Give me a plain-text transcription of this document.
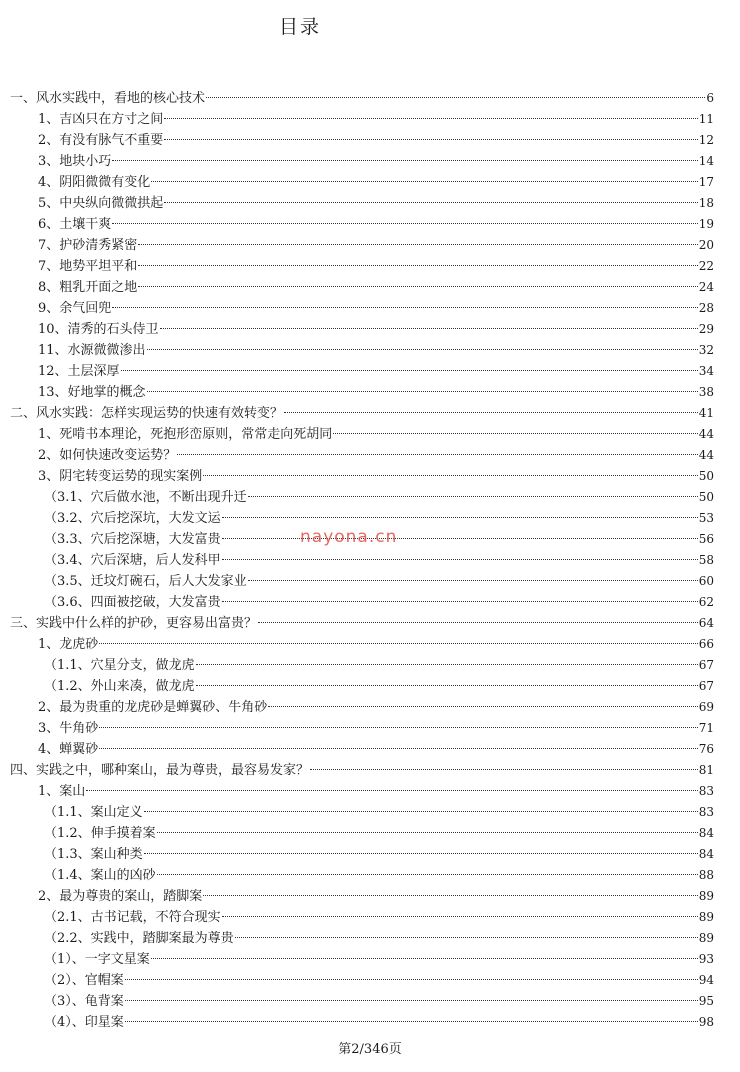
目录
一、风水实践中，看地的核心技术	6
1、吉凶只在方寸之间	11
2、有没有脉气不重要	12
3、地块小巧	14
4、阴阳微微有变化	17
5、中央纵向微微拱起	18
6、土壤干爽	19
7、护砂清秀紧密	20
7、地势平坦平和	22
8、粗乳开面之地	24
9、余气回兜	28
10、清秀的石头侍卫	29
11、水源微微渗出	32
12、土层深厚	34
13、好地掌的概念	38
二、风水实践：怎样实现运势的快速有效转变？	41
1、死啃书本理论，死抱形峦原则，常常走向死胡同	44
2、如何快速改变运势？	44
3、阴宅转变运势的现实案例	50
（3.1、穴后做水池，不断出现升迁	50
（3.2、穴后挖深坑，大发文运	53
（3.3、穴后挖深塘，大发富贵	56
（3.4、穴后深塘，后人发科甲	58
（3.5、迁坟灯碗石，后人大发家业	60
（3.6、四面被挖破，大发富贵	62
三、实践中什么样的护砂，更容易出富贵？	64
1、龙虎砂	66
（1.1、穴星分支，做龙虎	67
（1.2、外山来凑，做龙虎	67
2、最为贵重的龙虎砂是蝉翼砂、牛角砂	69
3、牛角砂	71
4、蝉翼砂	76
四、实践之中，哪种案山，最为尊贵，最容易发家？	81
1、案山	83
（1.1、案山定义	83
（1.2、伸手摸着案	84
（1.3、案山种类	84
（1.4、案山的凶砂	88
2、最为尊贵的案山，踏脚案	89
（2.1、古书记载，不符合现实	89
（2.2、实践中，踏脚案最为尊贵	89
（1）、一字文星案	93
（2）、官帽案	94
（3）、龟背案	95
（4）、印星案	98
nayona.cn
第2/346页
